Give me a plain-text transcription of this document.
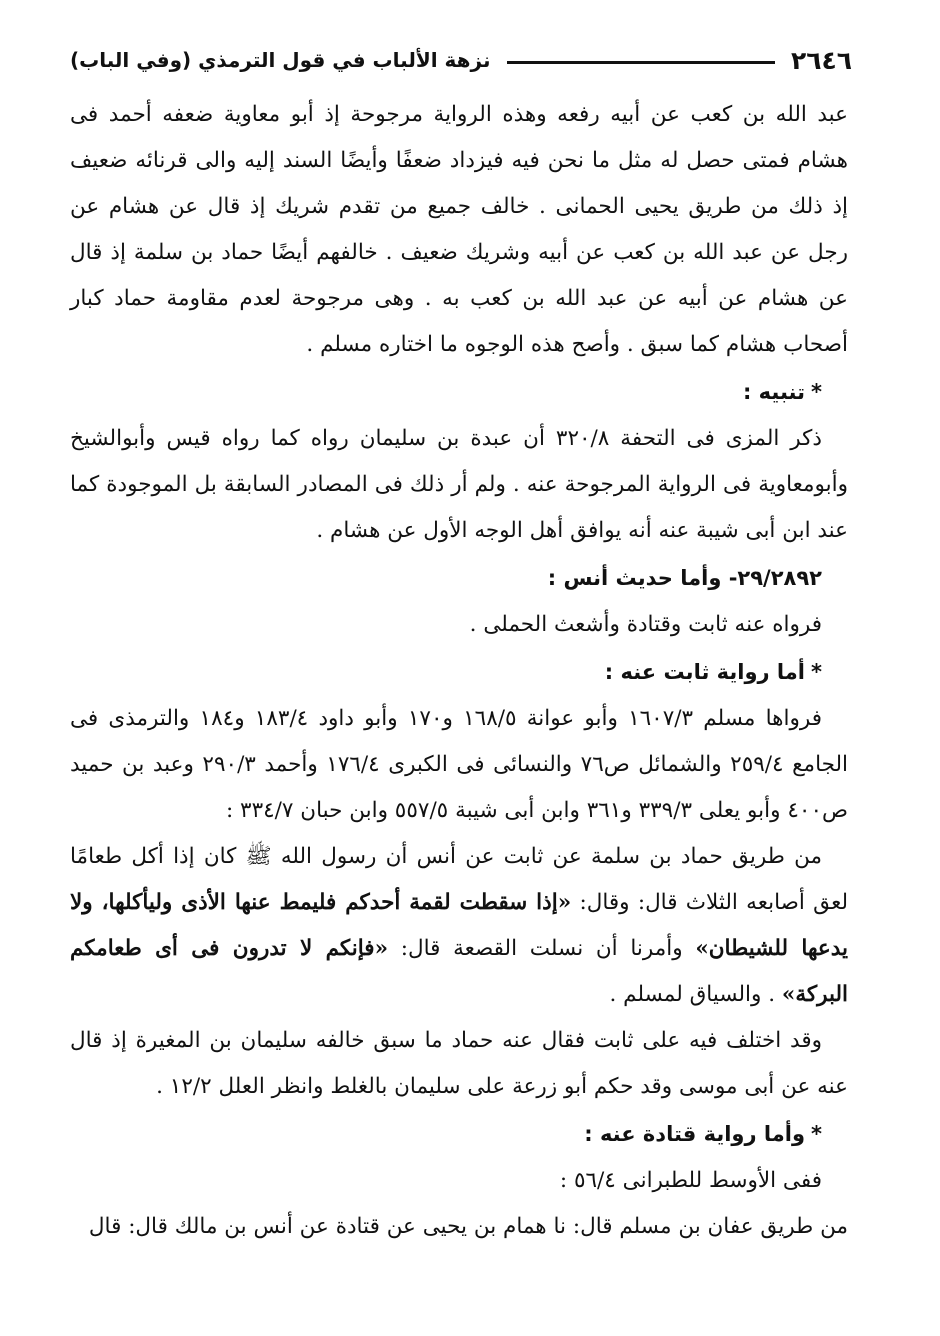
٢٦٤٦
نزهة الألباب في قول الترمذي (وفي الباب)

عبد الله بن كعب عن أبيه رفعه وهذه الرواية مرجوحة إذ أبو معاوية ضعفه أحمد فى هشام فمتى حصل له مثل ما نحن فيه فيزداد ضعفًا وأيضًا السند إليه والى قرنائه ضعيف إذ ذلك من طريق يحيى الحمانى . خالف جميع من تقدم شريك إذ قال عن هشام عن رجل عن عبد الله بن كعب عن أبيه وشريك ضعيف . خالفهم أيضًا حماد بن سلمة إذ قال عن هشام عن أبيه عن عبد الله بن كعب به . وهى مرجوحة لعدم مقاومة حماد كبار أصحاب هشام كما سبق . وأصح هذه الوجوه ما اختاره مسلم .

*تنبيه :

ذكر المزى فى التحفة ٣٢٠/٨ أن عبدة بن سليمان رواه كما رواه قيس وأبوالشيخ وأبومعاوية فى الرواية المرجوحة عنه . ولم أر ذلك فى المصادر السابقة بل الموجودة كما عند ابن أبى شيبة عنه أنه يوافق أهل الوجه الأول عن هشام .

٢٩/٢٨٩٢- وأما حديث أنس :

فرواه عنه ثابت وقتادة وأشعث الحملى .

*أما رواية ثابت عنه :

فرواها مسلم ١٦٠٧/٣ وأبو عوانة ١٦٨/٥ و١٧٠ وأبو داود ١٨٣/٤ و١٨٤ والترمذى فى الجامع ٢٥٩/٤ والشمائل ص٧٦ والنسائى فى الكبرى ١٧٦/٤ وأحمد ٢٩٠/٣ وعبد بن حميد ص٤٠٠ وأبو يعلى ٣٣٩/٣ و٣٦١ وابن أبى شيبة ٥٥٧/٥ وابن حبان ٣٣٤/٧ :

من طريق حماد بن سلمة عن ثابت عن أنس أن رسول الله ﷺ كان إذا أكل طعامًا لعق أصابعه الثلاث قال: وقال: «إذا سقطت لقمة أحدكم فليمط عنها الأذى وليأكلها، ولا يدعها للشيطان» وأمرنا أن نسلت القصعة قال: «فإنكم لا تدرون فى أى طعامكم البركة» . والسياق لمسلم .

وقد اختلف فيه على ثابت فقال عنه حماد ما سبق خالفه سليمان بن المغيرة إذ قال عنه عن أبى موسى وقد حكم أبو زرعة على سليمان بالغلط وانظر العلل ١٢/٢ .

*وأما رواية قتادة عنه :

ففى الأوسط للطبرانى ٥٦/٤ :

من طريق عفان بن مسلم قال: نا همام بن يحيى عن قتادة عن أنس بن مالك قال: قال
